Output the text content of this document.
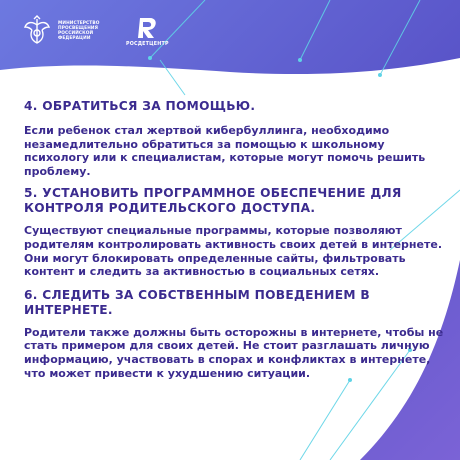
МИНИСТЕРСТВО
ПРОСВЕЩЕНИЯ
РОССИЙСКОЙ
ФЕДЕРАЦИИ
РОСДЕТЦЕНТР
4. ОБРАТИТЬСЯ ЗА ПОМОЩЬЮ.

Если ребенок стал жертвой кибербуллинга, необходимо незамедлительно обратиться за помощью к школьному психологу или к специалистам, которые могут помочь решить проблему.

5. УСТАНОВИТЬ ПРОГРАММНОЕ ОБЕСПЕЧЕНИЕ ДЛЯ КОНТРОЛЯ РОДИТЕЛЬСКОГО ДОСТУПА.

Существуют специальные программы, которые позволяют родителям контролировать активность своих детей в интернете. Они могут блокировать определенные сайты, фильтровать контент и следить за активностью в социальных сетях.

6. СЛЕДИТЬ ЗА СОБСТВЕННЫМ ПОВЕДЕНИЕМ В ИНТЕРНЕТЕ.

Родители также должны быть осторожны в интернете, чтобы не стать примером для своих детей. Не стоит разглашать личную информацию, участвовать в спорах и конфликтах в интернете, что может привести к ухудшению ситуации.
